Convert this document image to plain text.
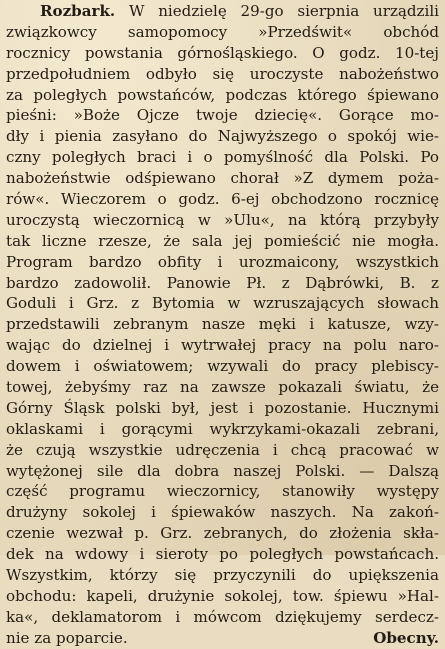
Rozbark. W niedzielę 29-go sierpnia urządzili
związkowcy samopomocy »Przedświt« obchód
rocznicy powstania górnośląskiego. O godz. 10-tej
przedpołudniem odbyło się uroczyste nabożeństwo
za poległych powstańców, podczas którego śpiewano
pieśni: »Boże Ojcze twoje dziecię«. Gorące mo-
dły i pienia zasyłano do Najwyższego o spokój wie-
czny poległych braci i o pomyślność dla Polski. Po
nabożeństwie odśpiewano chorał »Z dymem poża-
rów«. Wieczorem o godz. 6-ej obchodzono rocznicę
uroczystą wieczornicą w »Ulu«, na którą przybyły
tak liczne rzesze, że sala jej pomieścić nie mogła.
Program bardzo obfity i urozmaicony, wszystkich
bardzo zadowolił. Panowie Pł. z Dąbrówki, B. z
Goduli i Grz. z Bytomia w wzruszających słowach
przedstawili zebranym nasze męki i katusze, wzy-
wając do dzielnej i wytrwałej pracy na polu naro-
dowem i oświatowem; wzywali do pracy plebiscy-
towej, żebyśmy raz na zawsze pokazali światu, że
Górny Śląsk polski był, jest i pozostanie. Hucznymi
oklaskami i gorącymi wykrzykami-okazali zebrani,
że czują wszystkie udręczenia i chcą pracować w
wytężonej sile dla dobra naszej Polski. — Dalszą
część programu wieczornicy, stanowiły występy
drużyny sokolej i śpiewaków naszych. Na zakoń-
czenie wezwał p. Grz. zebranych, do złożenia skła-
dek na wdowy i sieroty po poległych powstańcach.
Wszystkim, którzy się przyczynili do upiększenia
obchodu: kapeli, drużynie sokolej, tow. śpiewu »Hal-
ka«, deklamatorom i mówcom dziękujemy serdecz-
nie za poparcie.	Obecny.
